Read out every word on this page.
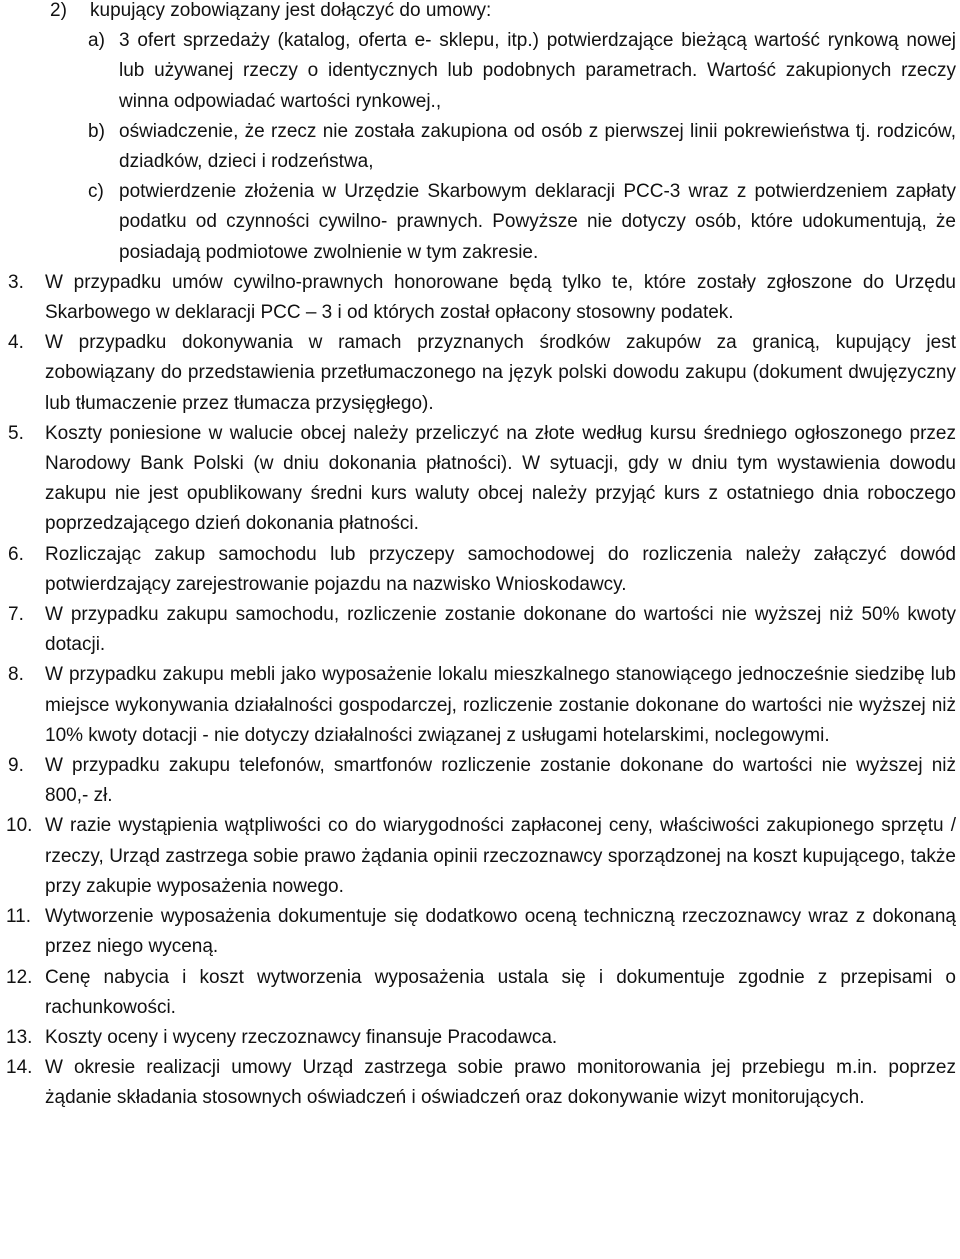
2) kupujący zobowiązany jest dołączyć do umowy:
a) 3 ofert sprzedaży (katalog, oferta e- sklepu, itp.) potwierdzające bieżącą wartość rynkową nowej lub używanej rzeczy o identycznych lub podobnych parametrach. Wartość zakupionych rzeczy winna odpowiadać wartości rynkowej.,
b) oświadczenie, że rzecz nie została zakupiona od osób z pierwszej linii pokrewieństwa tj. rodziców, dziadków, dzieci i rodzeństwa,
c) potwierdzenie złożenia w Urzędzie Skarbowym deklaracji PCC-3 wraz z potwierdzeniem zapłaty podatku od czynności cywilno- prawnych. Powyższe nie dotyczy osób, które udokumentują, że posiadają podmiotowe zwolnienie w tym zakresie.
3. W przypadku umów cywilno-prawnych honorowane będą tylko te, które zostały zgłoszone do Urzędu Skarbowego w deklaracji PCC – 3 i od których został opłacony stosowny podatek.
4. W przypadku dokonywania w ramach przyznanych środków zakupów za granicą, kupujący jest zobowiązany do przedstawienia przetłumaczonego na język polski dowodu zakupu (dokument dwujęzyczny lub tłumaczenie przez tłumacza przysięgłego).
5. Koszty poniesione w walucie obcej należy przeliczyć na złote według kursu średniego ogłoszonego przez Narodowy Bank Polski (w dniu dokonania płatności). W sytuacji, gdy w dniu tym wystawienia dowodu zakupu nie jest opublikowany średni kurs waluty obcej należy przyjąć kurs z ostatniego dnia roboczego poprzedzającego dzień dokonania płatności.
6. Rozliczając zakup samochodu lub przyczepy samochodowej do rozliczenia należy załączyć dowód potwierdzający zarejestrowanie pojazdu na nazwisko Wnioskodawcy.
7. W przypadku zakupu samochodu, rozliczenie zostanie dokonane do wartości nie wyższej niż 50% kwoty dotacji.
8. W przypadku zakupu mebli jako wyposażenie lokalu mieszkalnego stanowiącego jednocześnie siedzibę lub miejsce wykonywania działalności gospodarczej, rozliczenie zostanie dokonane do wartości nie wyższej niż 10% kwoty dotacji - nie dotyczy działalności związanej z usługami hotelarskimi, noclegowymi.
9. W przypadku zakupu telefonów, smartfonów rozliczenie zostanie dokonane do wartości nie wyższej niż 800,- zł.
10. W razie wystąpienia wątpliwości co do wiarygodności zapłaconej ceny, właściwości zakupionego sprzętu / rzeczy, Urząd zastrzega sobie prawo żądania opinii rzeczoznawcy sporządzonej na koszt kupującego, także przy zakupie wyposażenia nowego.
11. Wytworzenie wyposażenia dokumentuje się dodatkowo oceną techniczną rzeczoznawcy wraz z dokonaną przez niego wyceną.
12. Cenę nabycia i koszt wytworzenia wyposażenia ustala się i dokumentuje zgodnie z przepisami o rachunkowości.
13. Koszty oceny i wyceny rzeczoznawcy finansuje Pracodawca.
14. W okresie realizacji umowy Urząd zastrzega sobie prawo monitorowania jej przebiegu m.in. poprzez żądanie składania stosownych oświadczeń i oświadczeń oraz dokonywanie wizyt monitorujących.
